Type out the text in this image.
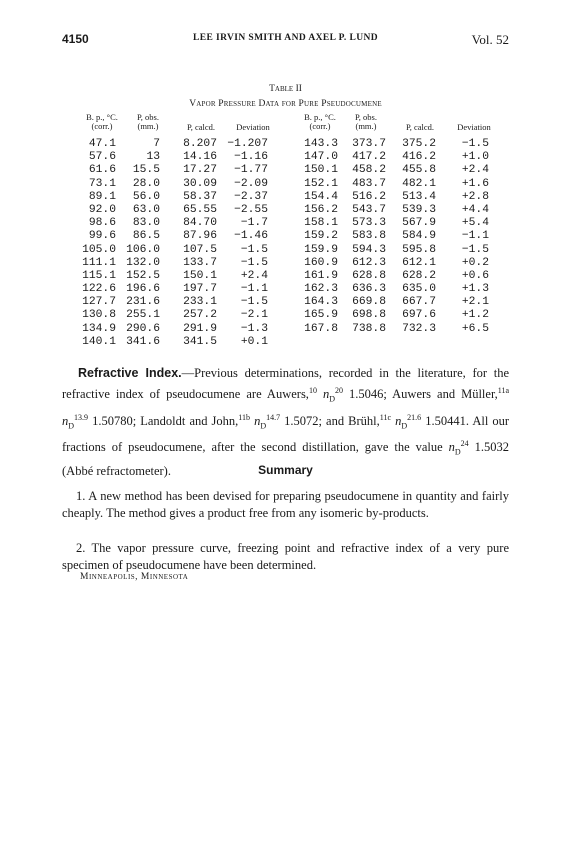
4150	LEE IRVIN SMITH AND AXEL P. LUND	Vol. 52
Table II
Vapor Pressure Data for Pure Pseudocumene
B. p., °C.
(corr.)
P, obs.
(mm.)	P, calcd.	Deviation
B. p., °C.
(corr.)
P, obs.
(mm.)	P, calcd.	Deviation
47.1	7 8.207 −1.207	143.3 373.7 375.2 −1.5
57.6	13 14.16 −1.16	147.0 417.2 416.2 +1.0
61.6 15.5 17.27 −1.77	150.1 458.2 455.8 +2.4
73.1 28.0 30.09 −2.09	152.1 483.7 482.1 +1.6
89.1 56.0 58.37 −2.37	154.4 516.2 513.4 +2.8
92.0 63.0 65.55 −2.55	156.2 543.7 539.3 +4.4
98.6 83.0 84.70 −1.7	158.1 573.3 567.9 +5.4
99.6 86.5 87.96 −1.46	159.2 583.8 584.9 −1.1
105.0 106.0 107.5 −1.5	159.9 594.3 595.8 −1.5
111.1 132.0 133.7 −1.5	160.9 612.3 612.1 +0.2
115.1 152.5 150.1 +2.4	161.9 628.8 628.2 +0.6
122.6 196.6 197.7 −1.1	162.3 636.3 635.0 +1.3
127.7 231.6 233.1 −1.5	164.3 669.8 667.7 +2.1
130.8 255.1 257.2 −2.1	165.9 698.8 697.6 +1.2
134.9 290.6 291.9 −1.3	167.8 738.8 732.3 +6.5
140.1 341.6 341.5 +0.1
Refractive Index.—Previous determinations, recorded in the literature, for the refractive index of pseudocumene are Auwers,$^{10}$ $n_D^{20}$ 1.5046; Auwers and Müller,$^{11a}$ $n_D^{13.9}$ 1.50780; Landoldt and John,$^{11b}$ $n_D^{14.7}$ 1.5072; and Brühl,$^{11c}$ $n_D^{21.6}$ 1.50441. All our fractions of pseudocumene, after the second distillation, gave the value $n_D^{24}$ 1.5032 (Abbé refractometer).	Summary
1. A new method has been devised for preparing pseudocumene in quantity and fairly cheaply. The method gives a product free from any isomeric by-products.
2. The vapor pressure curve, freezing point and refractive index of a very pure specimen of pseudocumene have been determined.
Minneapolis, Minnesota
